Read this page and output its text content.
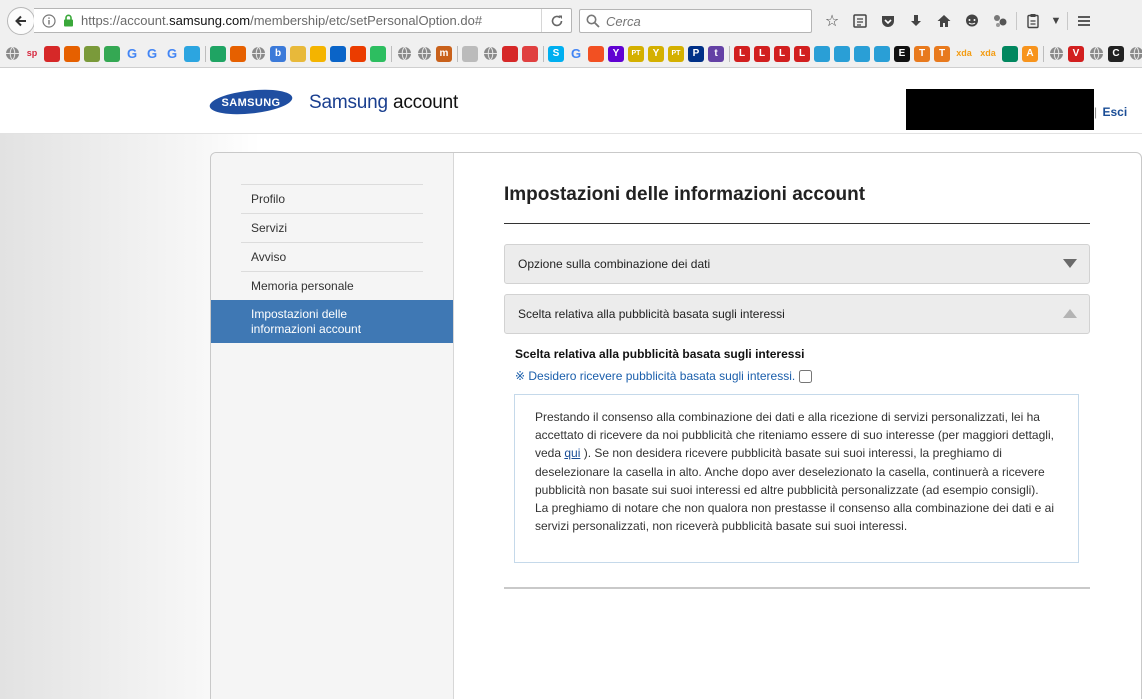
https://account.samsung.com/membership/etc/setPersonalOption.do#
Cerca	☆	▼
sp	G G G	b	m	S G	Y	PT	Y	PT	P	t	L	L	L	L	E	T	T	xda xda	A	V	C
SAMSUNG Samsung account	| Esci
Profilo
Servizi
Avviso
Memoria personale
Impostazioni delle informazioni account
Impostazioni delle informazioni account
Opzione sulla combinazione dei dati
Scelta relativa alla pubblicità basata sugli interessi
Scelta relativa alla pubblicità basata sugli interessi
※ Desidero ricevere pubblicità basata sugli interessi.

Prestando il consenso alla combinazione dei dati e alla ricezione di servizi personalizzati, lei ha accettato di ricevere da noi pubblicità che riteniamo essere di suo interesse (per maggiori dettagli, veda qui ). Se non desidera ricevere pubblicità basate sui suoi interessi, la preghiamo di deselezionare la casella in alto. Anche dopo aver deselezionato la casella, continuerà a ricevere pubblicità non basate sui suoi interessi ed altre pubblicità personalizzate (ad esempio consigli).

La preghiamo di notare che non qualora non prestasse il consenso alla combinazione dei dati e ai servizi personalizzati, non riceverà pubblicità basate sui suoi interessi.
